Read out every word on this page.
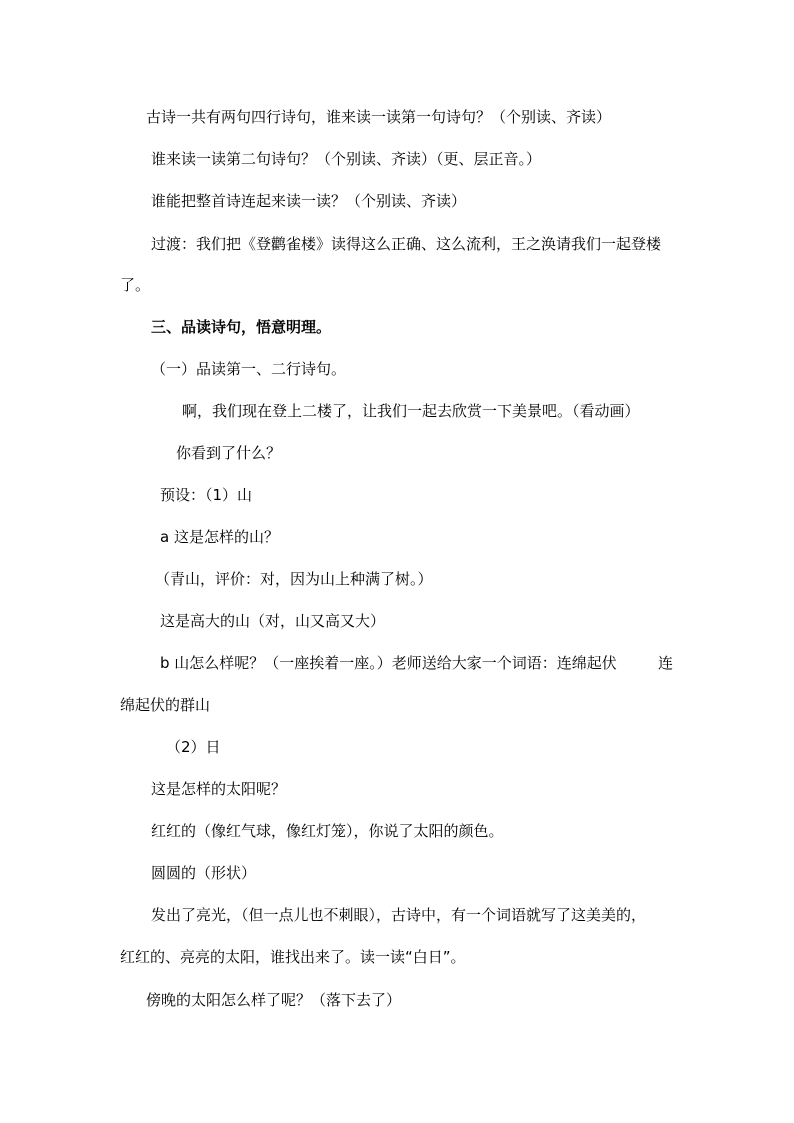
古诗一共有两句四行诗句，谁来读一读第一句诗句？（个别读、齐读）
谁来读一读第二句诗句？（个别读、齐读）（更、层正音。）
谁能把整首诗连起来读一读？（个别读、齐读）
过渡：我们把《登鹳雀楼》读得这么正确、这么流利，王之涣请我们一起登楼
了。
三、品读诗句，悟意明理。
（一）品读第一、二行诗句。
啊，我们现在登上二楼了，让我们一起去欣赏一下美景吧。（看动画）
你看到了什么？
预设：（1）山
a 这是怎样的山？
（青山，评价：对，因为山上种满了树。）
这是高大的山（对，山又高又大）
b 山怎么样呢？（一座挨着一座。）老师送给大家一个词语：连绵起伏	连
绵起伏的群山
（2）日
这是怎样的太阳呢？
红红的（像红气球，像红灯笼），你说了太阳的颜色。
圆圆的（形状）
发出了亮光，（但一点儿也不刺眼），古诗中，有一个词语就写了这美美的，
红红的、亮亮的太阳，谁找出来了。读一读“白日”。
傍晚的太阳怎么样了呢？（落下去了）
